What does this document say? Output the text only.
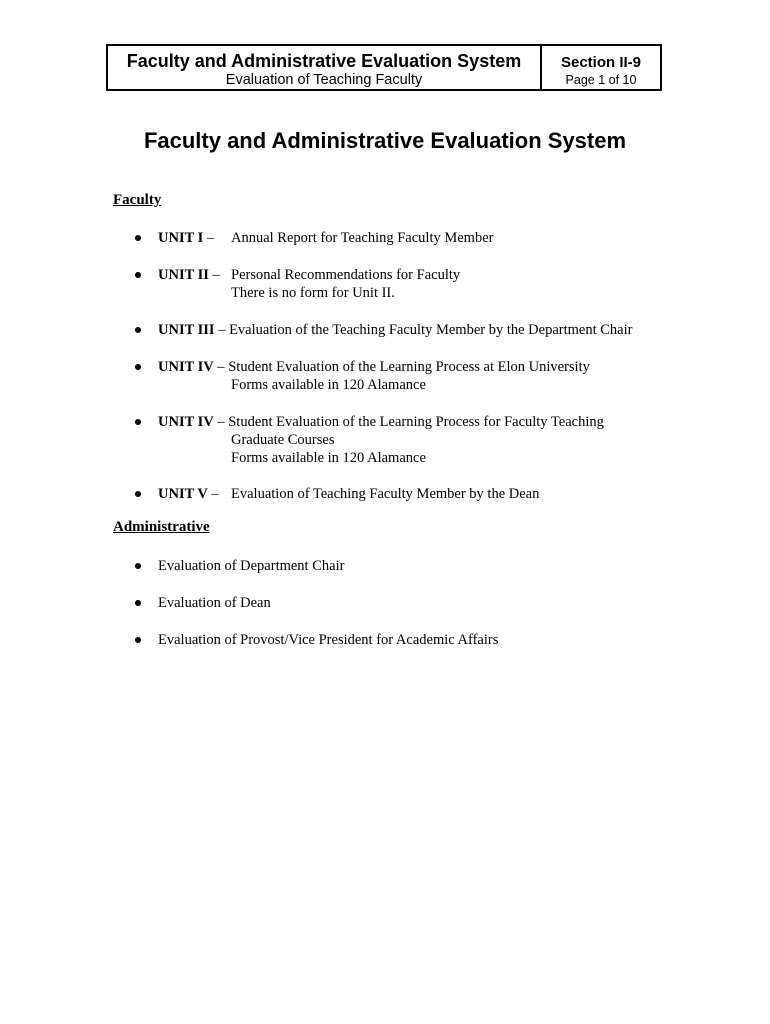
Faculty and Administrative Evaluation System
Evaluation of Teaching Faculty
Section II-9
Page 1 of 10
Faculty and Administrative Evaluation System
Faculty
UNIT I – Annual Report for Teaching Faculty Member
UNIT II – Personal Recommendations for Faculty
There is no form for Unit II.
UNIT III – Evaluation of the Teaching Faculty Member by the Department Chair
UNIT IV – Student Evaluation of the Learning Process at Elon University
Forms available in 120 Alamance
UNIT IV – Student Evaluation of the Learning Process for Faculty Teaching
Graduate Courses
Forms available in 120 Alamance
UNIT V – Evaluation of Teaching Faculty Member by the Dean
Administrative
Evaluation of Department Chair
Evaluation of Dean
Evaluation of Provost/Vice President for Academic Affairs
